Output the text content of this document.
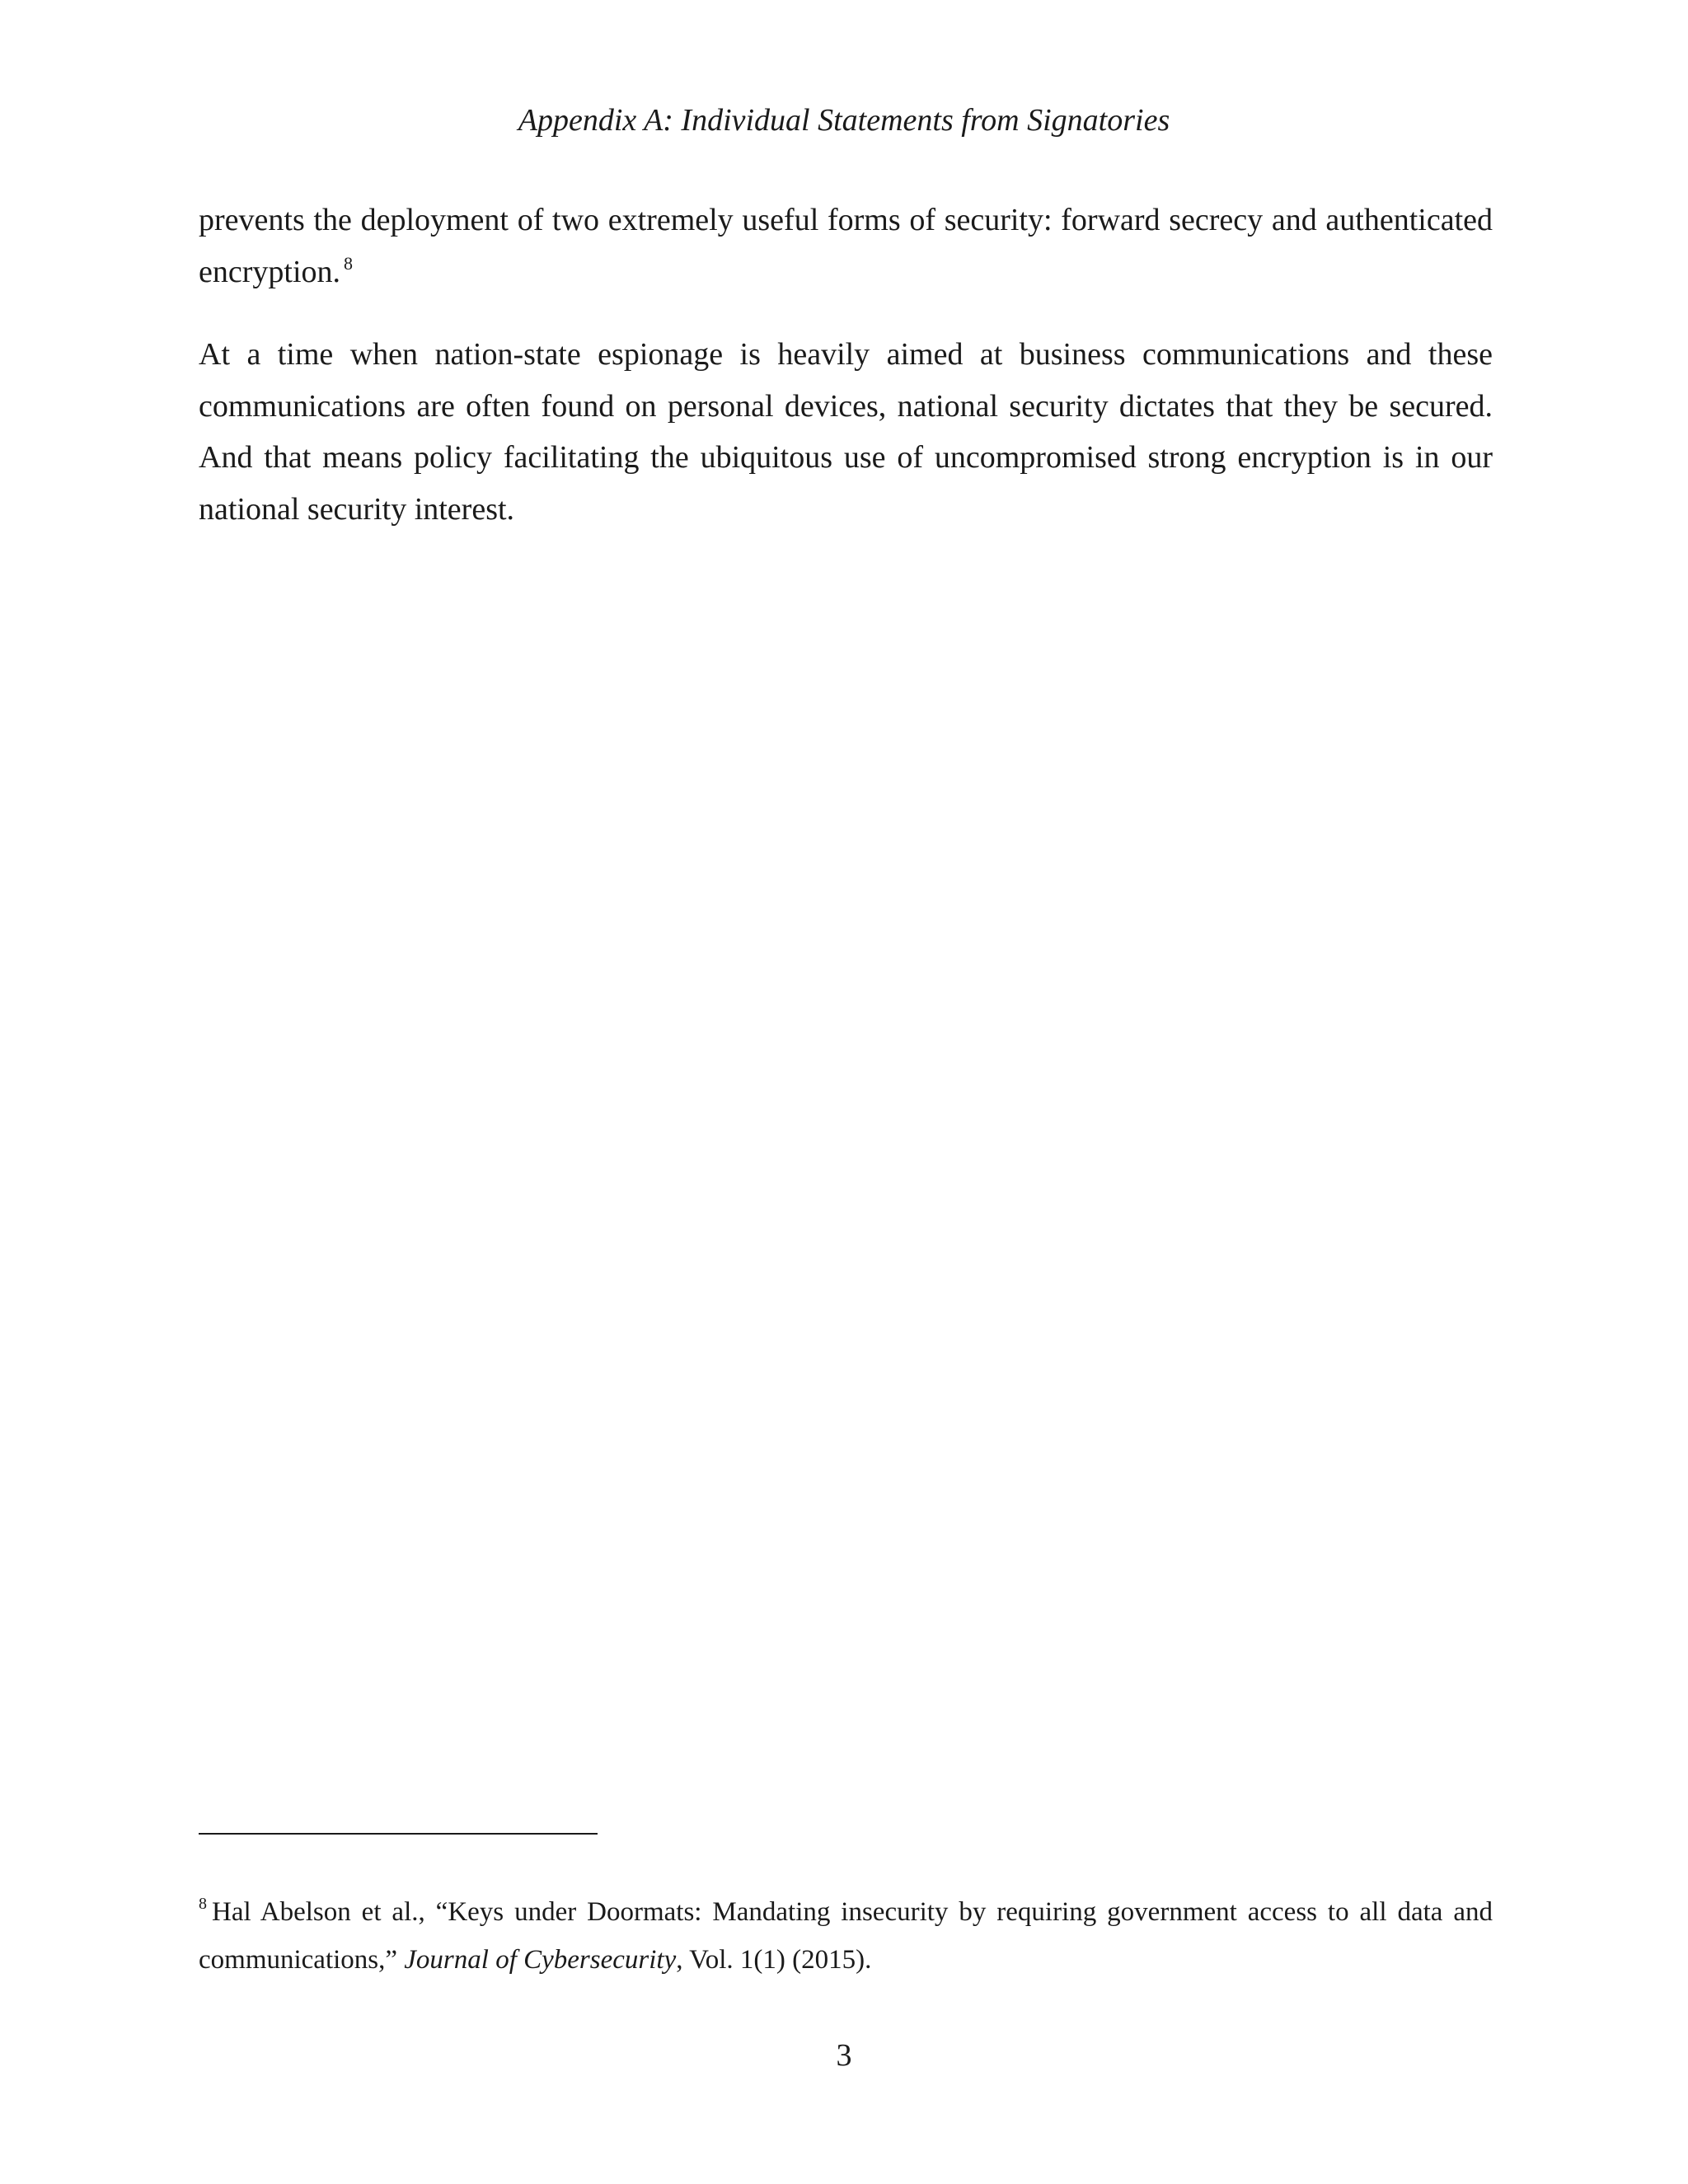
Appendix A: Individual Statements from Signatories

prevents the deployment of two extremely useful forms of security: forward secrecy and authenticated encryption. $^8$

At a time when nation-state espionage is heavily aimed at business communications and these communications are often found on personal devices, national security dictates that they be secured. And that means policy facilitating the ubiquitous use of uncompromised strong encryption is in our national security interest.

$^8$ Hal Abelson et al., “Keys under Doormats: Mandating insecurity by requiring government access to all data and communications,” Journal of Cybersecurity, Vol. 1(1) (2015).

3
